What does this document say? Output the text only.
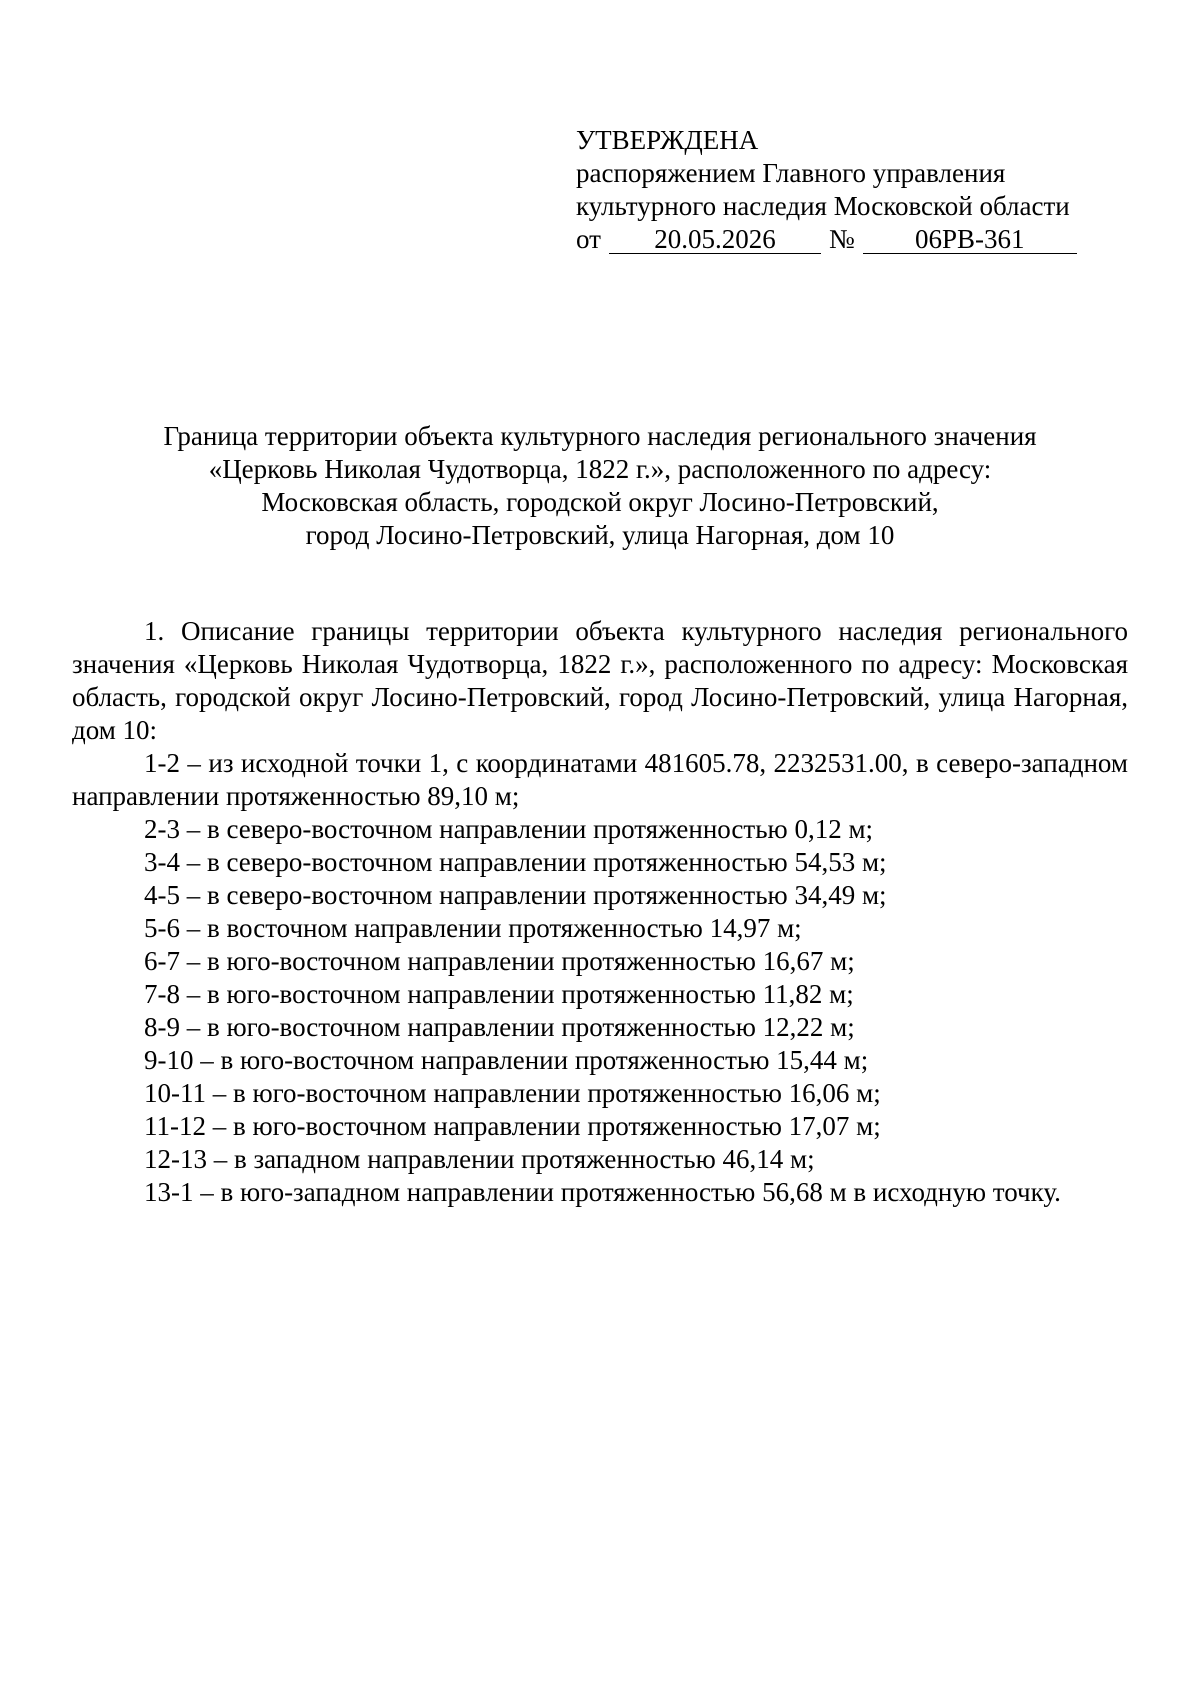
УТВЕРЖДЕНА
распоряжением Главного управления
культурного наследия Московской области
от	20.05.2026	№	06РВ-361
Граница территории объекта культурного наследия регионального значения
«Церковь Николая Чудотворца, 1822 г.», расположенного по адресу:
Московская область, городской округ Лосино-Петровский,
город Лосино-Петровский, улица Нагорная, дом 10

1. Описание границы территории объекта культурного наследия регионального значения «Церковь Николая Чудотворца, 1822 г.», расположенного по адресу: Московская область, городской округ Лосино-Петровский, город Лосино-Петровский, улица Нагорная, дом 10:

1-2 – из исходной точки 1, с координатами 481605.78, 2232531.00, в северо-западном направлении протяженностью 89,10 м;

2-3 – в северо-восточном направлении протяженностью 0,12 м;

3-4 – в северо-восточном направлении протяженностью 54,53 м;

4-5 – в северо-восточном направлении протяженностью 34,49 м;

5-6 – в восточном направлении протяженностью 14,97 м;

6-7 – в юго-восточном направлении протяженностью 16,67 м;

7-8 – в юго-восточном направлении протяженностью 11,82 м;

8-9 – в юго-восточном направлении протяженностью 12,22 м;

9-10 – в юго-восточном направлении протяженностью 15,44 м;

10-11 – в юго-восточном направлении протяженностью 16,06 м;

11-12 – в юго-восточном направлении протяженностью 17,07 м;

12-13 – в западном направлении протяженностью 46,14 м;

13-1 – в юго-западном направлении протяженностью 56,68 м в исходную точку.
